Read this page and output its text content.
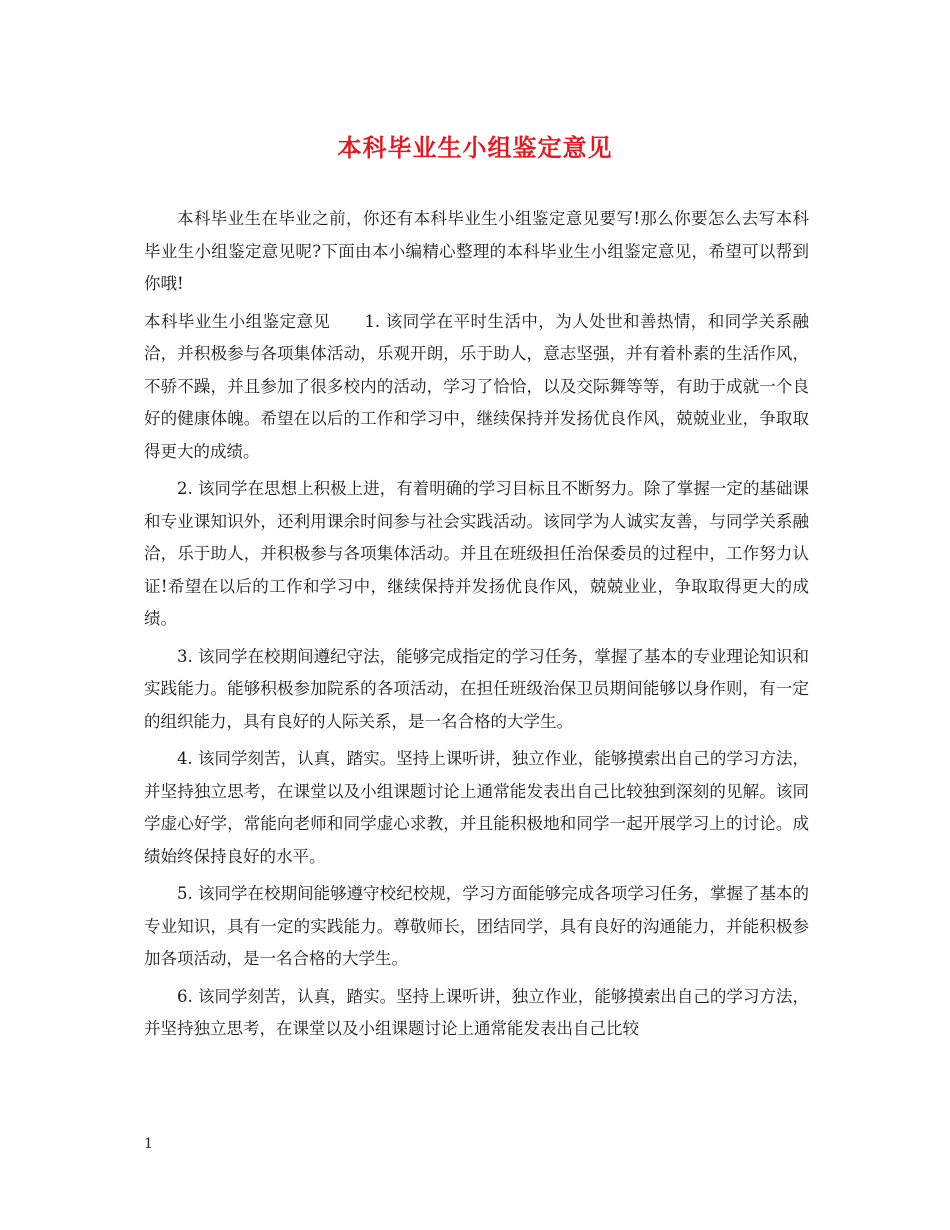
本科毕业生小组鉴定意见

本科毕业生在毕业之前，你还有本科毕业生小组鉴定意见要写!那么你要怎么去写本科毕业生小组鉴定意见呢?下面由本小编精心整理的本科毕业生小组鉴定意见，希望可以帮到你哦!

本科毕业生小组鉴定意见　　1. 该同学在平时生活中，为人处世和善热情，和同学关系融洽，并积极参与各项集体活动，乐观开朗，乐于助人，意志坚强，并有着朴素的生活作风，不骄不躁，并且参加了很多校内的活动，学习了恰恰，以及交际舞等等，有助于成就一个良好的健康体魄。希望在以后的工作和学习中，继续保持并发扬优良作风，兢兢业业，争取取得更大的成绩。

2. 该同学在思想上积极上进，有着明确的学习目标且不断努力。除了掌握一定的基础课和专业课知识外，还利用课余时间参与社会实践活动。该同学为人诚实友善，与同学关系融洽，乐于助人，并积极参与各项集体活动。并且在班级担任治保委员的过程中，工作努力认证!希望在以后的工作和学习中，继续保持并发扬优良作风，兢兢业业，争取取得更大的成绩。

3. 该同学在校期间遵纪守法，能够完成指定的学习任务，掌握了基本的专业理论知识和实践能力。能够积极参加院系的各项活动，在担任班级治保卫员期间能够以身作则，有一定的组织能力，具有良好的人际关系，是一名合格的大学生。

4. 该同学刻苦，认真，踏实。坚持上课听讲，独立作业，能够摸索出自己的学习方法，并坚持独立思考，在课堂以及小组课题讨论上通常能发表出自己比较独到深刻的见解。该同学虚心好学，常能向老师和同学虚心求教，并且能积极地和同学一起开展学习上的讨论。成绩始终保持良好的水平。

5. 该同学在校期间能够遵守校纪校规，学习方面能够完成各项学习任务，掌握了基本的专业知识，具有一定的实践能力。尊敬师长，团结同学，具有良好的沟通能力，并能积极参加各项活动，是一名合格的大学生。

6. 该同学刻苦，认真，踏实。坚持上课听讲，独立作业，能够摸索出自己的学习方法，并坚持独立思考，在课堂以及小组课题讨论上通常能发表出自己比较

1
